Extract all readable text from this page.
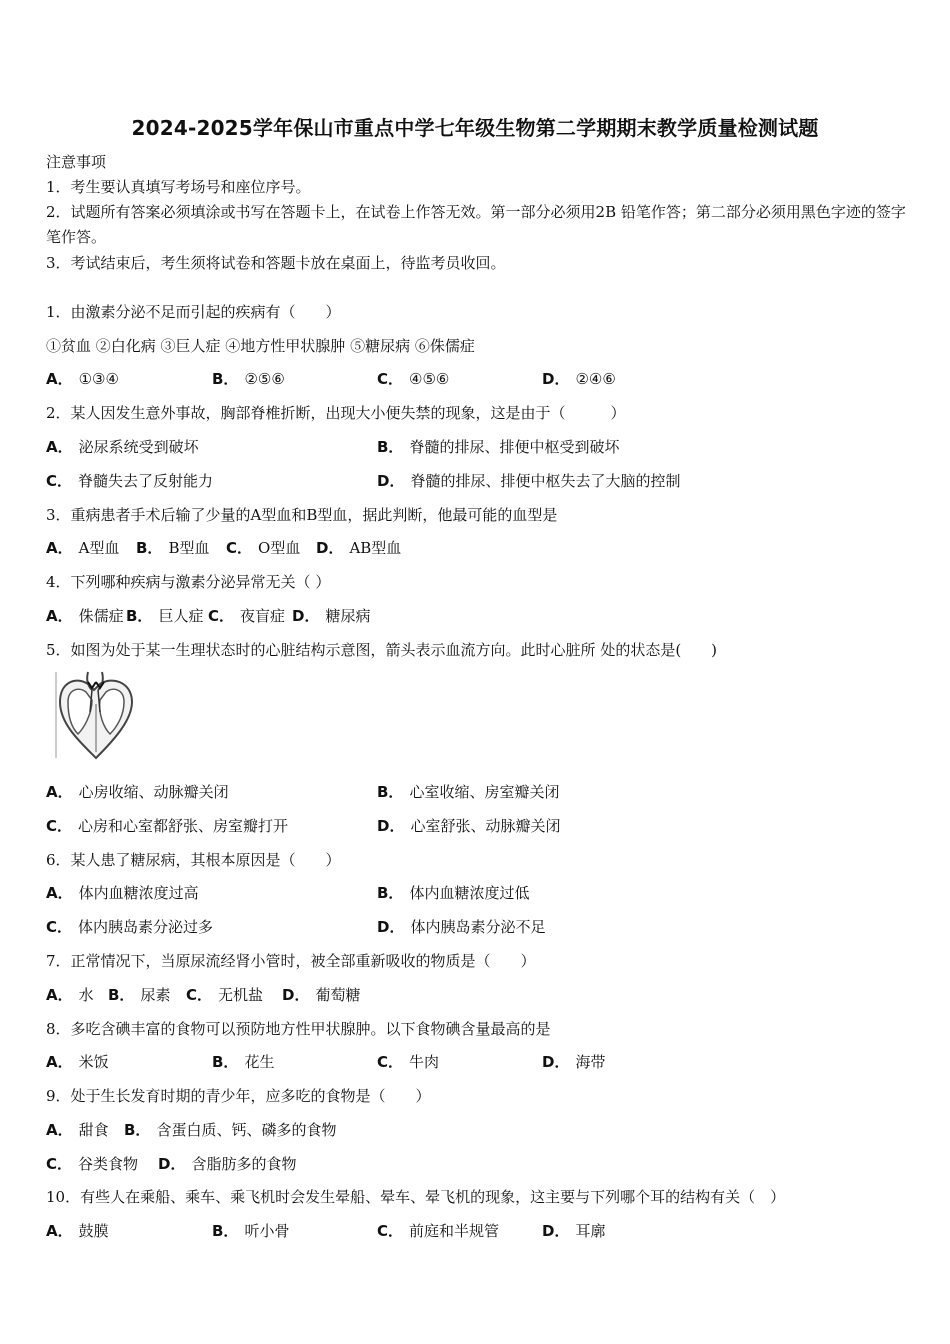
2024-2025学年保山市重点中学七年级生物第二学期期末教学质量检测试题
注意事项
1．考生要认真填写考场号和座位序号。
2．试题所有答案必须填涂或书写在答题卡上，在试卷上作答无效。第一部分必须用2B 铅笔作答；第二部分必须用黑色字迹的签字笔作答。
3．考试结束后，考生须将试卷和答题卡放在桌面上，待监考员收回。
1．由激素分泌不足而引起的疾病有（　　）
①贫血 ②白化病 ③巨人症 ④地方性甲状腺肿 ⑤糖尿病 ⑥侏儒症
A． ①③④	B． ②⑤⑥	C． ④⑤⑥	D． ②④⑥
2．某人因发生意外事故，胸部脊椎折断，出现大小便失禁的现象，这是由于（　　　）
A． 泌尿系统受到破坏	B． 脊髓的排尿、排便中枢受到破坏
C． 脊髓失去了反射能力	D． 脊髓的排尿、排便中枢失去了大脑的控制
3．重病患者手术后输了少量的A型血和B型血，据此判断，他最可能的血型是
A． A型血 B． B型血 C． O型血 D． AB型血
4．下列哪种疾病与激素分泌异常无关（ ）
A． 侏儒症 B． 巨人症 C． 夜盲症 D． 糖尿病
5．如图为处于某一生理状态时的心脏结构示意图，箭头表示血流方向。此时心脏所 处的状态是(　　)
A． 心房收缩、动脉瓣关闭	B． 心室收缩、房室瓣关闭
C． 心房和心室都舒张、房室瓣打开	D． 心室舒张、动脉瓣关闭
6．某人患了糖尿病，其根本原因是（　　）
A． 体内血糖浓度过高	B． 体内血糖浓度过低
C． 体内胰岛素分泌过多	D． 体内胰岛素分泌不足
7．正常情况下，当原尿流经肾小管时，被全部重新吸收的物质是（　　）
A． 水 B． 尿素 C． 无机盐 D． 葡萄糖
8．多吃含碘丰富的食物可以预防地方性甲状腺肿。以下食物碘含量最高的是
A． 米饭	B． 花生	C． 牛肉	D． 海带
9．处于生长发育时期的青少年，应多吃的食物是（　　）
A． 甜食 B． 含蛋白质、钙、磷多的食物
C． 谷类食物 D． 含脂肪多的食物
10．有些人在乘船、乘车、乘飞机时会发生晕船、晕车、晕飞机的现象，这主要与下列哪个耳的结构有关（　）
A． 鼓膜	B． 听小骨	C． 前庭和半规管	D． 耳廓
